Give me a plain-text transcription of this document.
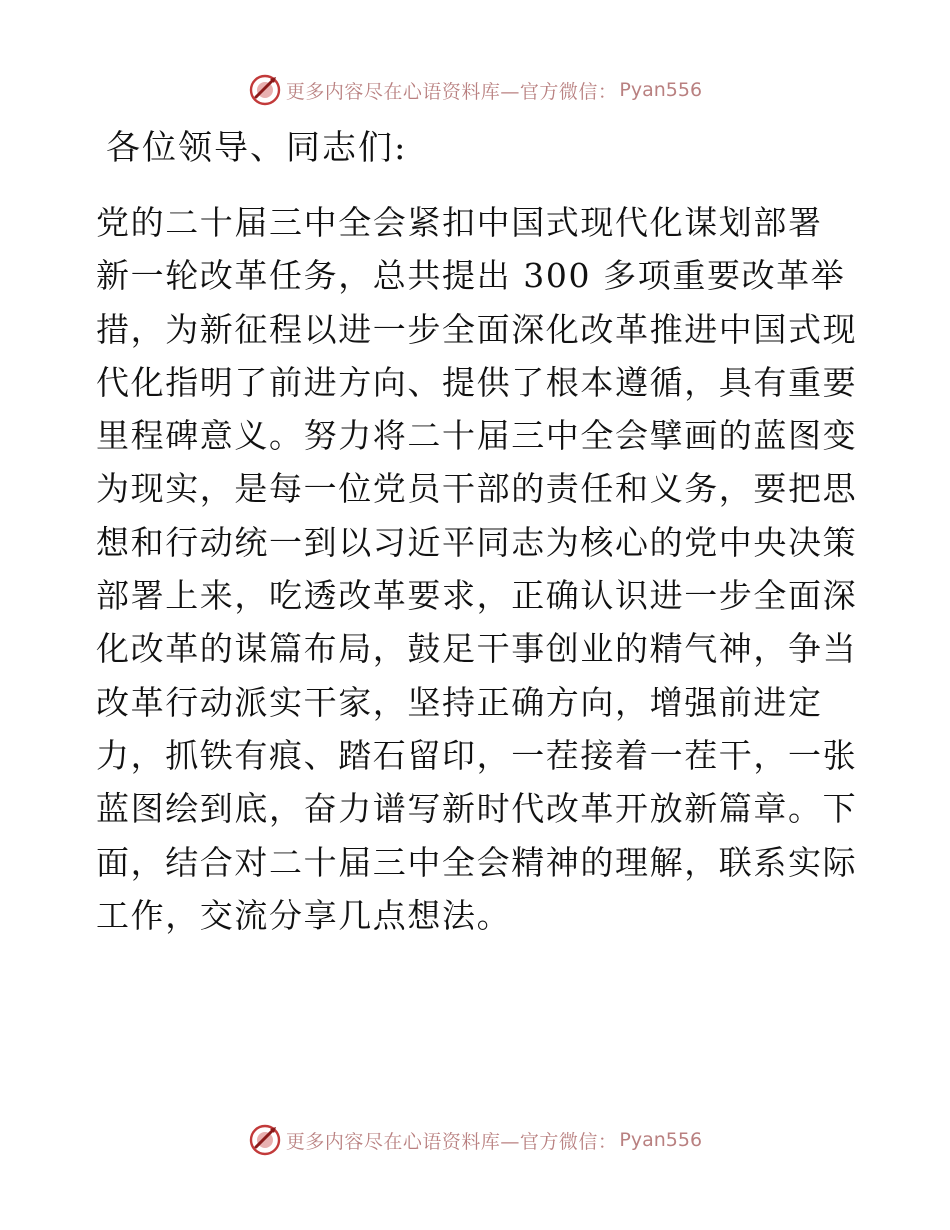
更多内容尽在心语资料库—官方微信： Pyan556
各位领导、同志们:
党的二十届三中全会紧扣中国式现代化谋划部署
新一轮改革任务，总共提出 300 多项重要改革举
措，为新征程以进一步全面深化改革推进中国式现
代化指明了前进方向、提供了根本遵循，具有重要
里程碑意义。努力将二十届三中全会擘画的蓝图变
为现实，是每一位党员干部的责任和义务，要把思
想和行动统一到以习近平同志为核心的党中央决策
部署上来，吃透改革要求，正确认识进一步全面深
化改革的谋篇布局，鼓足干事创业的精气神，争当
改革行动派实干家，坚持正确方向，增强前进定
力，抓铁有痕、踏石留印，一茬接着一茬干，一张
蓝图绘到底，奋力谱写新时代改革开放新篇章。下
面，结合对二十届三中全会精神的理解，联系实际
工作，交流分享几点想法。
更多内容尽在心语资料库—官方微信： Pyan556
